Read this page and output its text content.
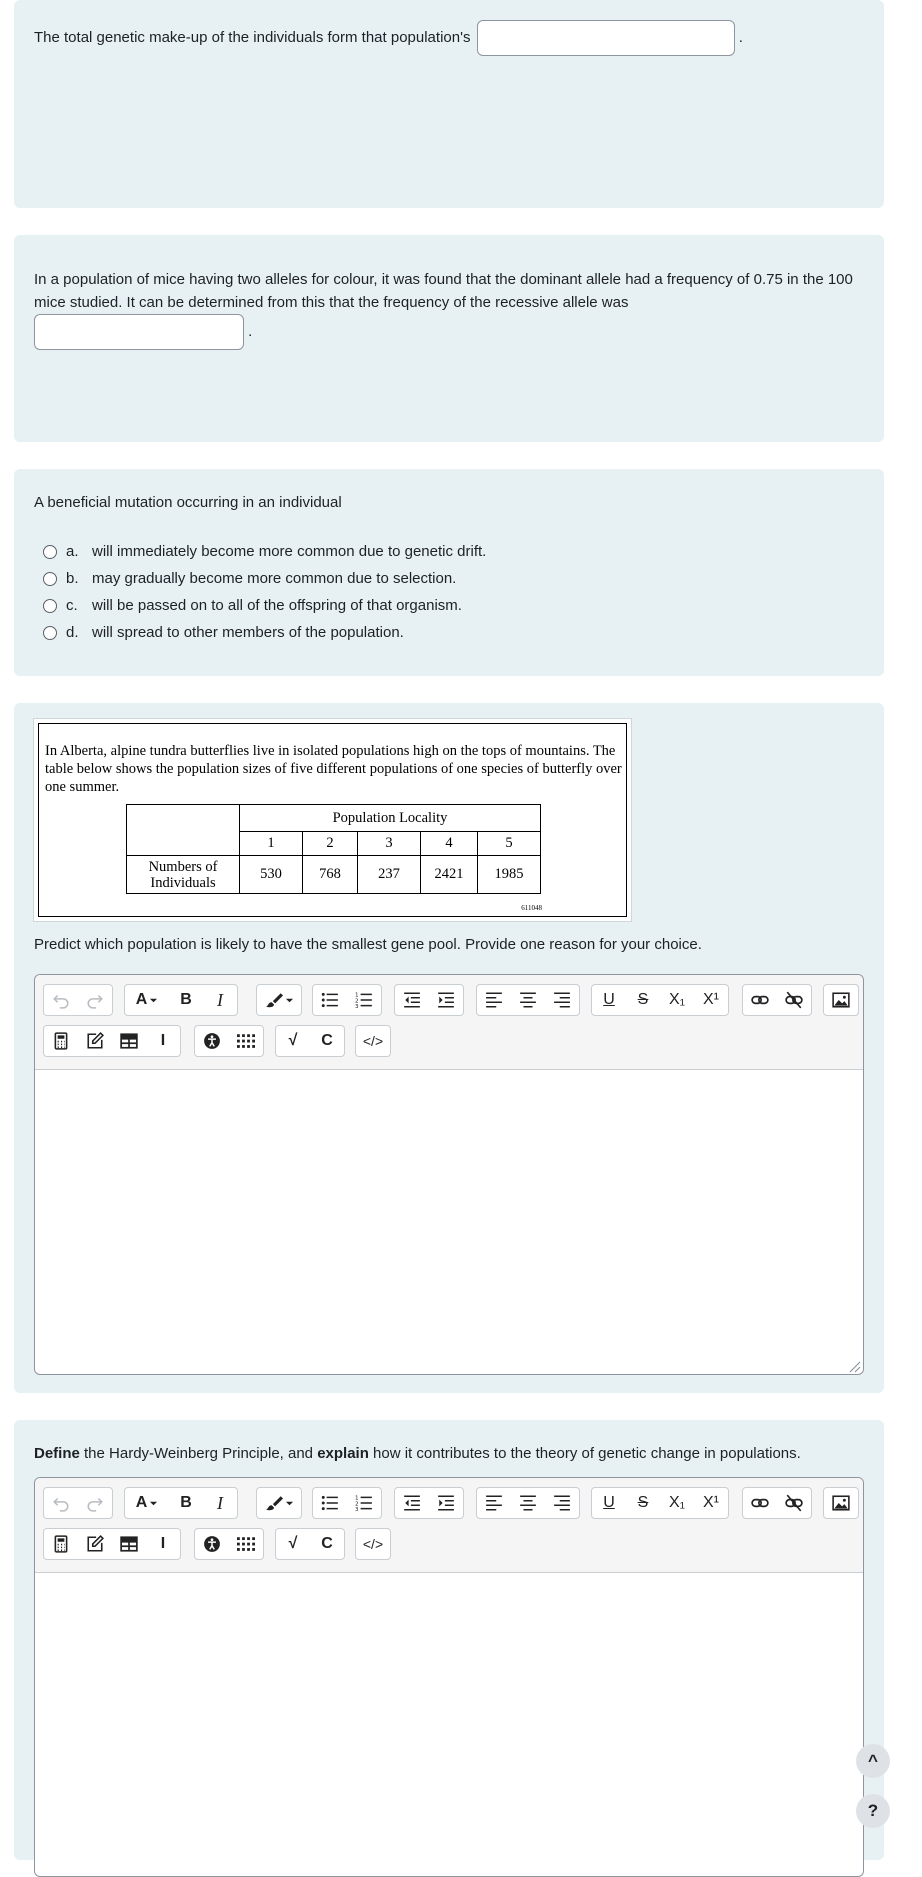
The total genetic make-up of the individuals form that population's	.
In a population of mice having two alleles for colour, it was found that the dominant allele had a frequency of 0.75 in the 100 mice studied. It can be determined from this that the frequency of the recessive allele was
.
A beneficial mutation occurring in an individual
a. will immediately become more common due to genetic drift.
b. may gradually become more common due to selection.
c. will be passed on to all of the offspring of that organism.
d. will spread to other members of the population.
In Alberta, alpine tundra butterflies live in isolated populations high on the tops of mountains. The table below shows the population sizes of five different populations of one species of butterfly over one summer.
	Population Locality				
	1	2	3	4	5
Numbers of Individuals	530	768	237	2421	1985
611048
Predict which population is likely to have the smallest gene pool. Provide one reason for your choice.
A B I	U S X₁ X¹
I	√ C </>
Define the Hardy-Weinberg Principle, and explain how it contributes to the theory of genetic change in populations.
A B I	U S X₁ X¹
I	√ C </>
^
?
